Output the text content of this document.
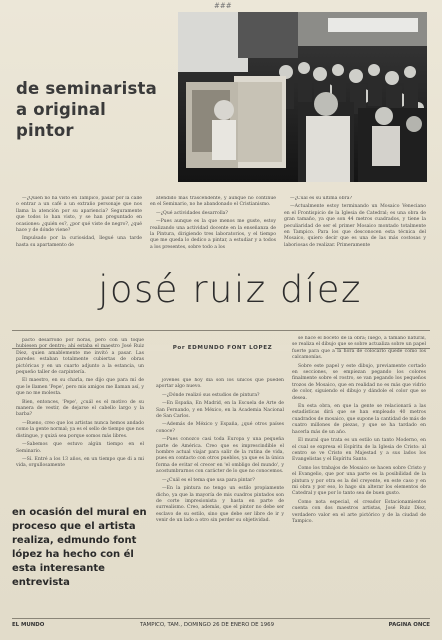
###
de seminarista
a original
pintor

—¿Quién no ha visto en Tampico, pasar por la calle o entrar a un café a un extraño personaje que nos llama la atención por su apariencia? Seguramente que todos lo han visto, y se han preguntado en ocasiones: ¿quién es?, ¿por qué viste de negro?, ¿qué hace y de dónde viene?

Impulsado por la curiosidad, llegué una tarde hasta su apartamento de

atendido más trascendente, y aunque no continué en el Seminario, no he abandonado el Cristianismo.

—¿Qué actividades desarrolla?

—Pues aunque es la que menos me guste, estoy realizando una actividad docente en la enseñanza de la Pintura, dirigiendo tres laboratorios, y el tiempo que me queda lo dedico a pintar, a estudiar y a todos a los presentes, sobre todo a los

—¿Cuál es su última obra?

—Actualmente estoy terminando un Mosaico Veneciano en el Frontispicio de la Iglesia de Catedral; es una obra de gran tamaño, ya que son 44 metros cuadrados, y tiene la peculiaridad de ser el primer Mosaico montado totalmente en Tampico. Para los que desconocen esta técnica del Mosaico, quiero decir que es una de las más costosas y laboriosas de realizar. Primeramente

josé ruiz díez
Por EDMUNDO FONT LOPEZ

pacto desarrollo por horas, pero con un toque hubiesen por dentro; ahí estaba el maestro José Ruiz Díez, quien amablemente me invitó a pasar. Las paredes estaban totalmente cubiertas de obras pictóricas y en un cuarto adjunto a la estancia, un pequeño taller de carpintería.

El maestro, en su charla, me dijo que para mí de que le llamen 'Pepe', pero mis amigos me llaman así, y que no me molesta.

Bien, entonces, 'Pepe', ¿cuál es el motivo de su manera de vestir, de dejarse el cabello largo y la barba?

—Bueno, creo que los artistas nunca hemos andado como la gente normal; ya es el sello de tiempo que nos distingue, y quizá sea porque somos más libres.

—Sabemos que estuvo algún tiempo en el Seminario.

—Sí. Entré a los 13 años, en un tiempo que di a mi vida, orgullosamente

en ocasión del mural en proceso que el artista realiza, edmundo font lópez ha hecho con él esta interesante entrevista

jóvenes que hoy día son los únicos que pueden aportar algo nuevo.

—¿Dónde realizó sus estudios de pintura?

—En España, En Madrid, en la Escuela de Arte de San Fernando, y en México, en la Academia Nacional de San Carlos.

—Además de México y España, ¿qué otros países conoce?

—Pues conozco casi toda Europa y una pequeña parte de América. Creo que es imprescindible el hombre actual viajar para salir de la rutina de vida, pues en contacto con otros pueblos, ya que es la única forma de evitar el crecer en 'el ombligo del mundo', y acostumbrarnos con carácter de lo que no conocemos.

—¿Cuál es el tema que usa para pintar?

—En la pintura no tengo un estilo propiamente dicho, ya que la mayoría de mis cuadros pintados son de corte impresionista y hasta en parte de surrealismo. Creo, además, que el pintor no debe ser esclavo de su estilo, sino que debe ser libre de ir y venir de un lado a otro sin perder su objetividad.

se hace el boceto de la obra; luego, a tamaño natural, se realiza el dibujo que se sobre actualiza sobre un papel fuerte para que a la hora de colocarlo quede como los calcamonías.

Sobre este papel y este dibujo, previamente cortado en secciones, se empiezan pegando los colores finalmente sobre el rostro, se van pegando los pequeños trozos de Mosaico, que en realidad no es más que vidrio de color, siguiendo el dibujo y dándole el color que se desea.

En esta obra, en que la gente se relacionará a las estadísticas dirá que se han empleado 40 metros cuadrados de mosaico, que supone la cantidad de más de cuatro millones de piezas, y que se ha tardado en hacerla más de un año.

El mural que trata es un estilo un tanto Moderno, en el cual se expresa el Espíritu de la Iglesia de Cristo: al centro se ve Cristo en Majestad y a sus lados los Evangelistas y el Espíritu Santo.

Como los trabajos de Mosaico se hacen sobre Cristo y el Evangelio, que por una parte es la posibilidad de la pintura y por otra es la del creyente, en este caso y en mi obra y por eso, lo hago sin alterar los elementos de Catedral y que por lo tanto sea de buen gusto.

Como nota especial, el creador Estacionamientos cuenta con dos maestros artistas, José Ruiz Díez, verdadero valor en el arte pictórico y de la ciudad de Tampico.

EL MUNDO	TAMPICO, TAM., DOMINGO 26 DE ENERO DE 1969	PAGINA ONCE
